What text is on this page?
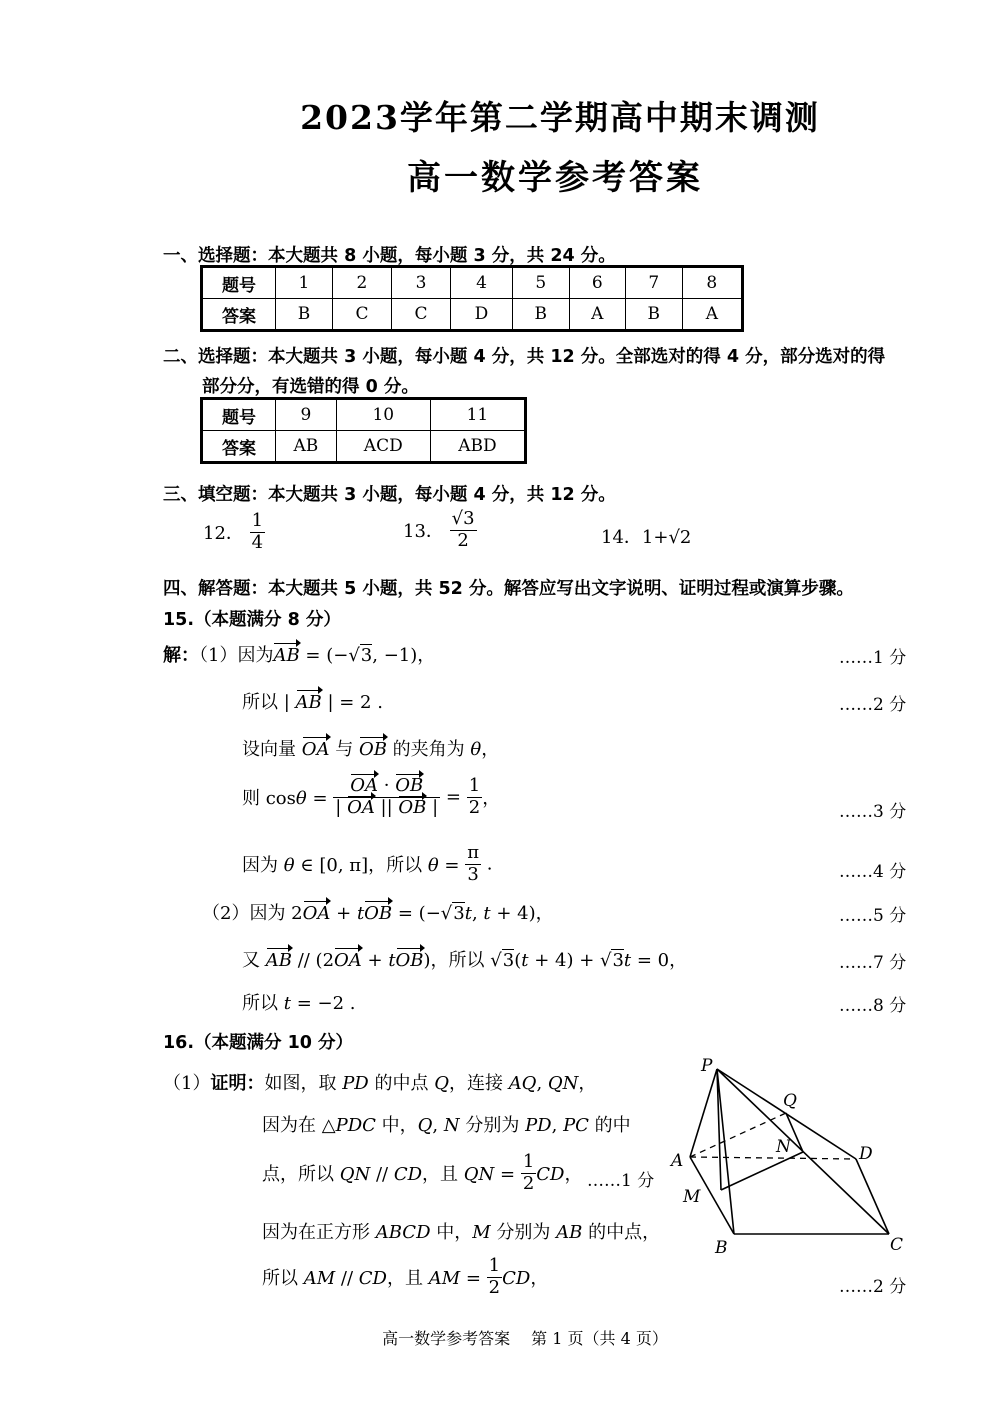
2023学年第二学期高中期末调测
高一数学参考答案
一、选择题：本大题共 8 小题，每小题 3 分，共 24 分。
题号	1	2	3	4	5	6	7	8
答案	B	C	C	D	B	A	B	A
二、选择题：本大题共 3 小题，每小题 4 分，共 12 分。全部选对的得 4 分，部分选对的得
部分分，有选错的得 0 分。
题号	9	10	11
答案	AB	ACD	ABD
三、填空题：本大题共 3 小题，每小题 4 分，共 12 分。
12． $\frac{1}{4}$	13． $\frac{√3}{2}$	14．1+√2
四、解答题：本大题共 5 小题，共 52 分。解答应写出文字说明、证明过程或演算步骤。
15.（本题满分 8 分）
解：（1）因为AB = (−√3, −1)，	……1 分
所以 | AB | = 2 .	……2 分
设向量 OA 与 OB 的夹角为 θ，
则 $\cos\theta = \frac{OA \cdot OB}{| OA || OB |} = \frac{1}{2}$ ，
……3 分
因为 θ ∈ [0, π]，所以 $\theta = \frac{\pi}{3}$ .	……4 分
（2）因为 2OA + tOB = (−√3t, t + 4)，	……5 分
又 AB // (2OA + tOB)，所以 √3(t + 4) + √3t = 0，	……7 分
所以 t = −2 .	……8 分
16.（本题满分 10 分）
（1）证明：如图，取 PD 的中点 Q，连接 AQ, QN，
因为在 △PDC 中，Q, N 分别为 PD, PC 的中
点，所以 QN // CD，且 QN = $\frac{1}{2}$ CD， ……1 分
因为在正方形 ABCD 中，M 分别为 AB 的中点，
所以 AM // CD，且 AM = $\frac{1}{2}$ CD，	……2 分
P
Q
N	D
A
M
B	C
高一数学参考答案　 第 1 页（共 4 页）
